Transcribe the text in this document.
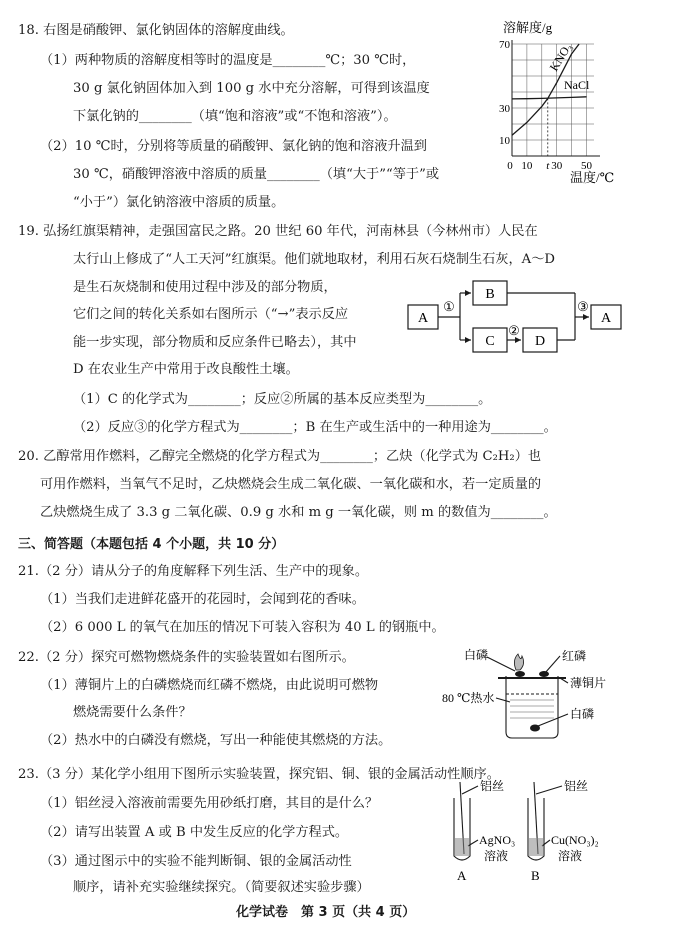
18. 右图是硝酸钾、氯化钠固体的溶解度曲线。
（1）两种物质的溶解度相等时的温度是________℃；30 ℃时，
30 g 氯化钠固体加入到 100 g 水中充分溶解，可得到该温度
下氯化钠的________（填“饱和溶液”或“不饱和溶液”）。
（2）10 ℃时，分别将等质量的硝酸钾、氯化钠的饱和溶液升温到
30 ℃，硝酸钾溶液中溶质的质量________（填“大于”“等于”或
“小于”）氯化钠溶液中溶质的质量。
KNO₃
NaCl
10
30
70
0 10 t 30 50
溶解度/g
温度/℃
19. 弘扬红旗渠精神，走强国富民之路。20 世纪 60 年代，河南林县（今林州市）人民在
太行山上修成了“人工天河”红旗渠。他们就地取材，利用石灰石烧制生石灰，A～D
是生石灰烧制和使用过程中涉及的部分物质，
它们之间的转化关系如右图所示（“→”表示反应
能一步实现，部分物质和反应条件已略去），其中
D 在农业生产中常用于改良酸性土壤。
（1）C 的化学式为________；反应②所属的基本反应类型为________。
（2）反应③的化学方程式为________；B 在生产或生活中的一种用途为________。
A
B
C	D
A
①
②
③
20. 乙醇常用作燃料，乙醇完全燃烧的化学方程式为________；乙炔（化学式为 C₂H₂）也
可用作燃料，当氧气不足时，乙炔燃烧会生成二氧化碳、一氧化碳和水，若一定质量的
乙炔燃烧生成了 3.3 g 二氧化碳、0.9 g 水和 m g 一氧化碳，则 m 的数值为________。
三、简答题（本题包括 4 个小题，共 10 分）
21.（2 分）请从分子的角度解释下列生活、生产中的现象。
（1）当我们走进鲜花盛开的花园时，会闻到花的香味。
（2）6 000 L 的氧气在加压的情况下可装入容积为 40 L 的钢瓶中。
22.（2 分）探究可燃物燃烧条件的实验装置如右图所示。
（1）薄铜片上的白磷燃烧而红磷不燃烧，由此说明可燃物
燃烧需要什么条件？
（2）热水中的白磷没有燃烧，写出一种能使其燃烧的方法。
白磷	红磷
薄铜片
80 ℃热水
白磷
23.（3 分）某化学小组用下图所示实验装置，探究铝、铜、银的金属活动性顺序。
（1）铝丝浸入溶液前需要先用砂纸打磨，其目的是什么？
（2）请写出装置 A 或 B 中发生反应的化学方程式。
（3）通过图示中的实验不能判断铜、银的金属活动性
顺序，请补充实验继续探究。（简要叙述实验步骤）
铝丝	铝丝
AgNO₃	Cu(NO₃)₂
溶液	溶液
A	B
化学试卷　第 3 页（共 4 页）
